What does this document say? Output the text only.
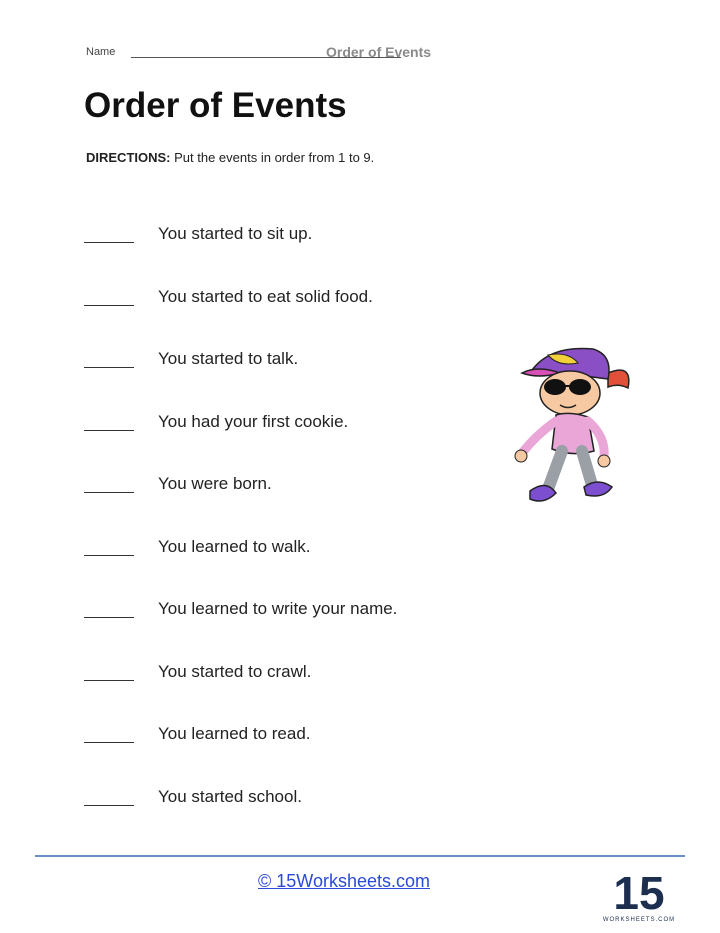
Name	Order of Events
Order of Events
DIRECTIONS: Put the events in order from 1 to 9.
You started to sit up.
You started to eat solid food.
You started to talk.
You had your first cookie.
You were born.
You learned to walk.
You learned to write your name.
You started to crawl.
You learned to read.
You started school.
© 15Worksheets.com	15
WORKSHEETS.COM
